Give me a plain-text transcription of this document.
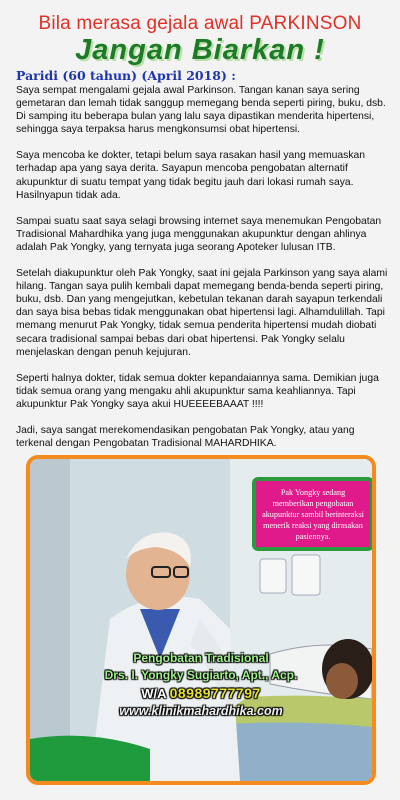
Bila merasa gejala awal PARKINSON
Jangan Biarkan !
Paridi (60 tahun) (April 2018) :

Saya sempat mengalami gejala awal Parkinson. Tangan kanan saya sering gemetaran dan lemah tidak sanggup memegang benda seperti piring, buku, dsb. Di samping itu beberapa bulan yang lalu saya dipastikan menderita hipertensi, sehingga saya terpaksa harus mengkonsumsi obat hipertensi.

Saya mencoba ke dokter, tetapi belum saya rasakan hasil yang memuaskan terhadap apa yang saya derita. Sayapun mencoba pengobatan alternatif akupunktur di suatu tempat yang tidak begitu jauh dari lokasi rumah saya. Hasilnyapun tidak ada.

Sampai suatu saat saya selagi browsing internet saya menemukan Pengobatan Tradisional Mahardhika yang juga menggunakan akupunktur dengan ahlinya adalah Pak Yongky, yang ternyata juga seorang Apoteker lulusan ITB.

Setelah diakupunktur oleh Pak Yongky, saat ini gejala Parkinson yang saya alami hilang. Tangan saya pulih kembali dapat memegang benda-benda seperti piring, buku, dsb. Dan yang mengejutkan, kebetulan tekanan darah sayapun terkendali dan saya bisa bebas tidak menggunakan obat hipertensi lagi. Alhamdulillah. Tapi memang menurut Pak Yongky, tidak semua penderita hipertensi mudah diobati secara tradisional sampai bebas dari obat hipertensi. Pak Yongky selalu menjelaskan dengan penuh kejujuran.

Seperti halnya dokter, tidak semua dokter kepandaiannya sama. Demikian juga tidak semua orang yang mengaku ahli akupunktur sama keahliannya. Tapi akupunktur Pak Yongky saya akui HUEEEEBAAAT !!!!

Jadi, saya sangat merekomendasikan pengobatan Pak Yongky, atau yang terkenal dengan Pengobatan Tradisional MAHARDHIKA.

Pak Yongky sedang memberikan pengobatan akupunktur sambil berinteraksi menerik reaksi yang dirasakan pasiennya.
Pengobatan Tradisional
Drs. I. Yongky Sugiarto, Apt., Acp.
W/A 08989777797
www.klinikmahardhika.com
